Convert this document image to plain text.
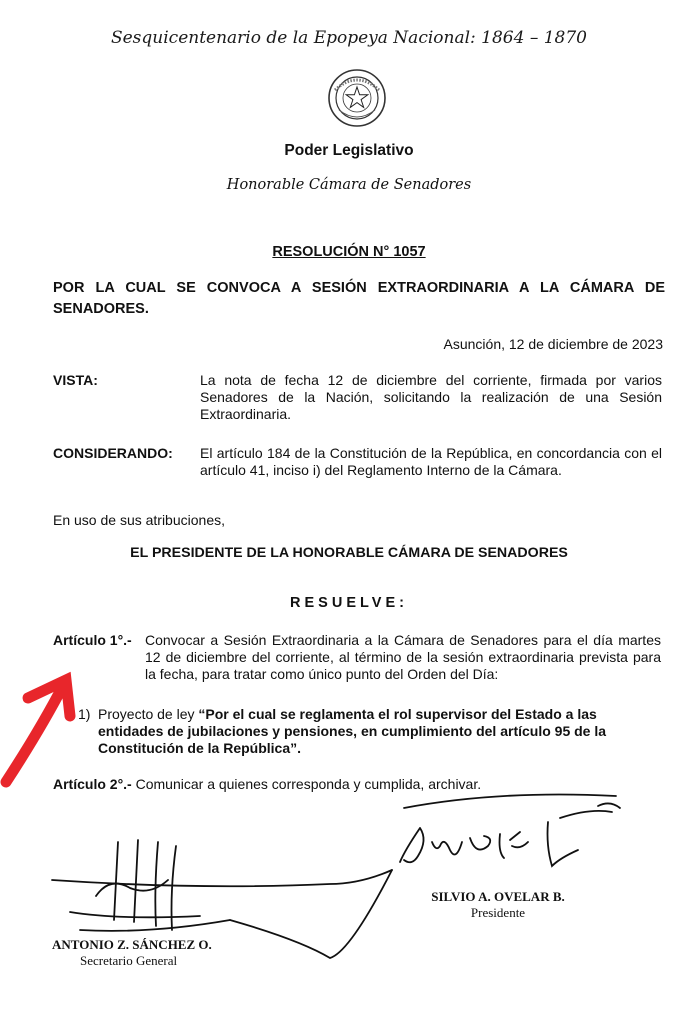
Sesquicentenario de la Epopeya Nacional: 1864 – 1870
Poder Legislativo
Honorable Cámara de Senadores
RESOLUCIÓN N° 1057
POR LA CUAL SE CONVOCA A SESIÓN EXTRAORDINARIA A LA CÁMARA DE SENADORES.
Asunción, 12 de diciembre de 2023
VISTA:	La nota de fecha 12 de diciembre del corriente, firmada por varios Senadores de la Nación, solicitando la realización de una Sesión Extraordinaria.
CONSIDERANDO: El artículo 184 de la Constitución de la República, en concordancia con el artículo 41, inciso i) del Reglamento Interno de la Cámara.
En uso de sus atribuciones,
EL PRESIDENTE DE LA HONORABLE CÁMARA DE SENADORES
RESUELVE:
Artículo 1°.- Convocar a Sesión Extraordinaria a la Cámara de Senadores para el día martes 12 de diciembre del corriente, al término de la sesión extraordinaria prevista para la fecha, para tratar como único punto del Orden del Día:
1) Proyecto de ley “Por el cual se reglamenta el rol supervisor del Estado a las entidades de jubilaciones y pensiones, en cumplimiento del artículo 95 de la Constitución de la República”.
Artículo 2°.- Comunicar a quienes corresponda y cumplida, archivar.
SILVIO A. OVELAR B.
Presidente
ANTONIO Z. SÁNCHEZ O.
Secretario General
